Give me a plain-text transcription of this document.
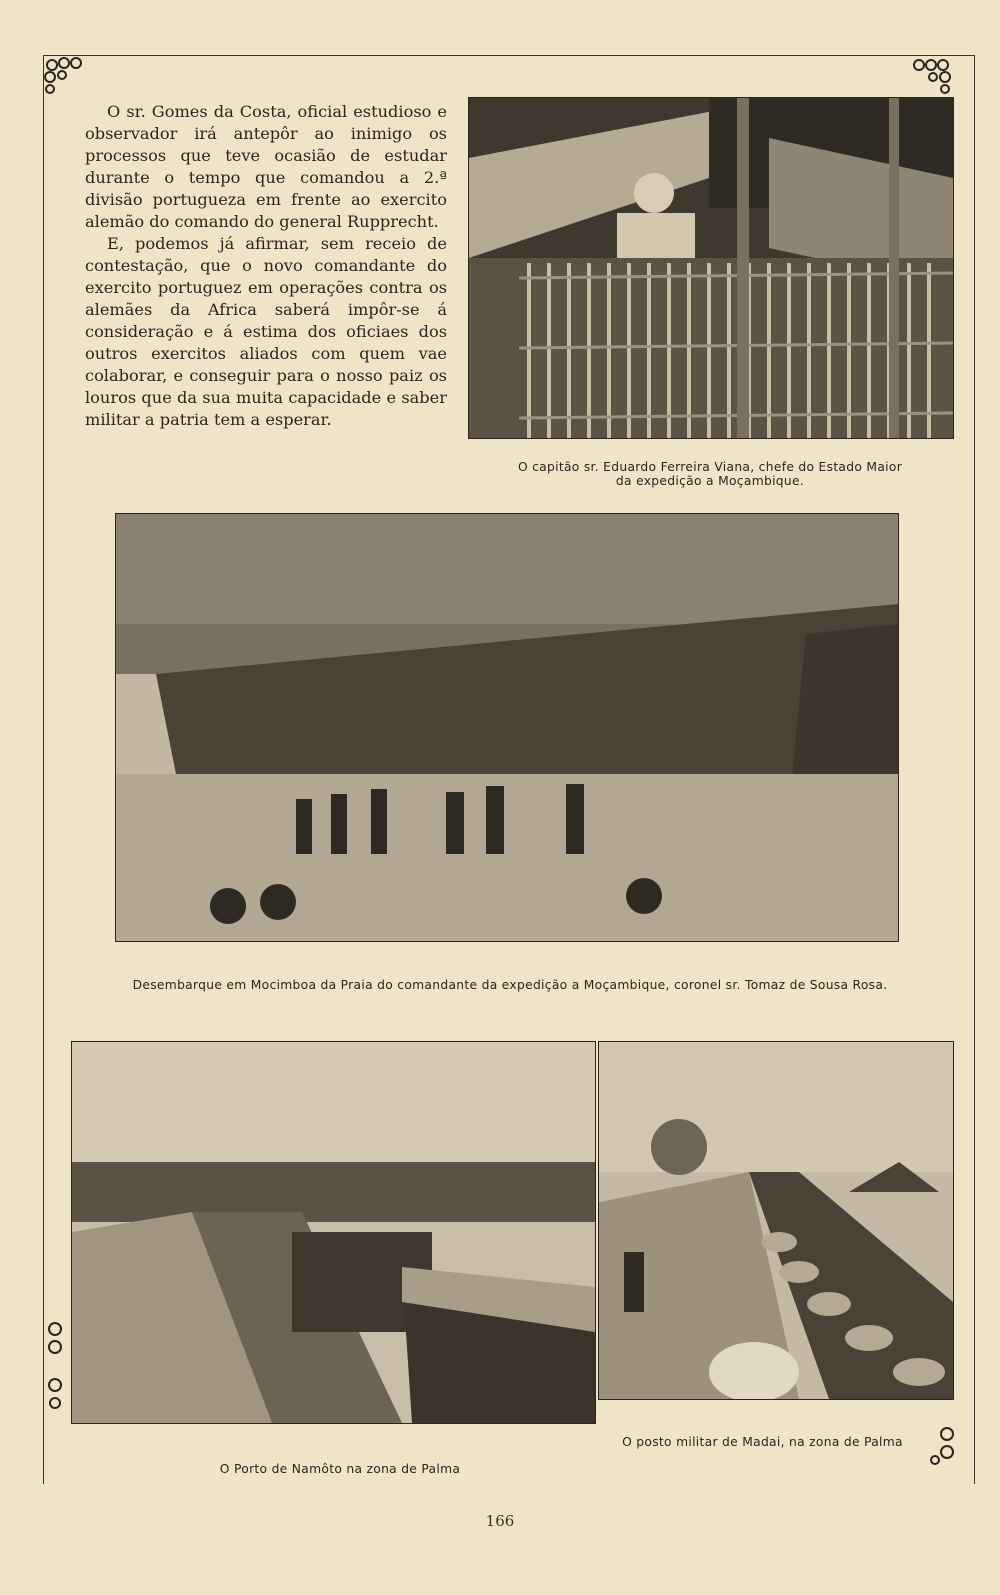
O sr. Gomes da Costa, oficial estudioso e observador irá antepôr ao inimigo os processos que teve ocasião de estudar durante o tempo que comandou a 2.ª divisão portugueza em frente ao exercito alemão do comando do general Rupprecht.

E, podemos já afirmar, sem receio de contestação, que o novo comandante do exercito portuguez em operações contra os alemães da Africa saberá impôr-se á consideração e á estima dos oficiaes dos outros exercitos aliados com quem vae colaborar, e conseguir para o nosso paiz os louros que da sua muita capacidade e saber militar a patria tem a esperar.

O capitão sr. Eduardo Ferreira Viana, chefe do Estado Maior
da expedição a Moçambique.
Desembarque em Mocimboa da Praia do comandante da expedição a Moçambique, coronel sr. Tomaz de Sousa Rosa.
O Porto de Namôto na zona de Palma
O posto militar de Madai, na zona de Palma
166
